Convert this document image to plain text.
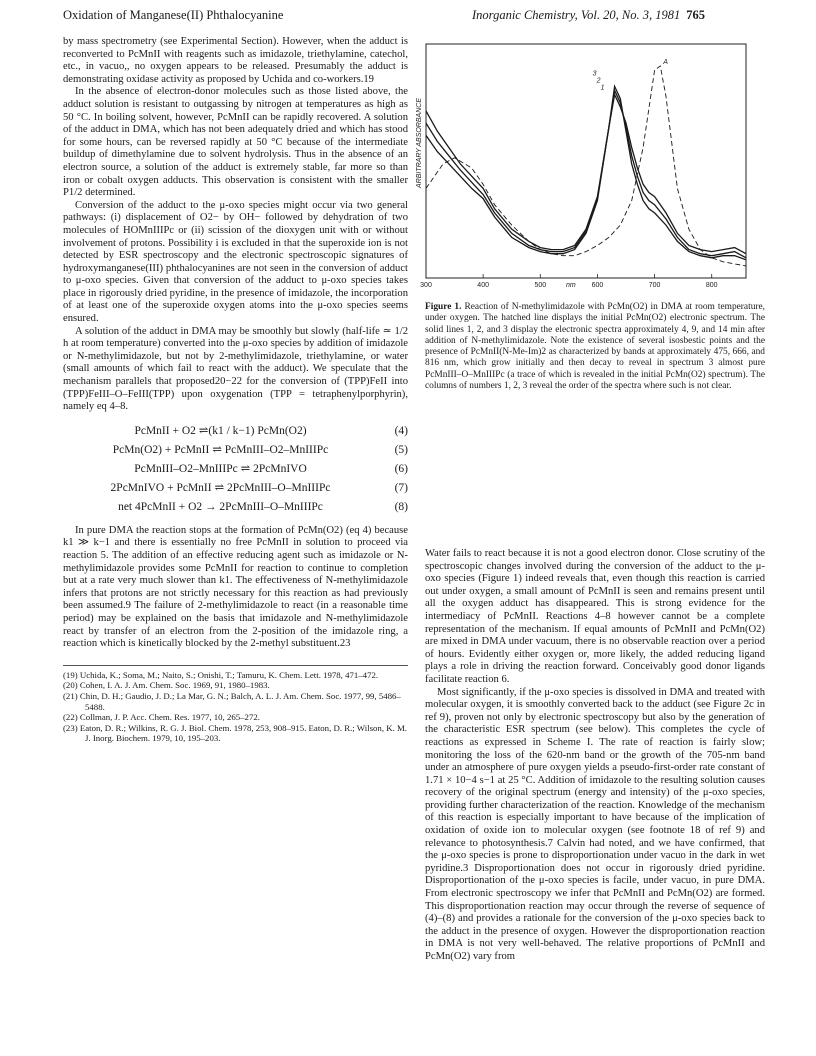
Oxidation of Manganese(II) Phthalocyanine	Inorganic Chemistry, Vol. 20, No. 3, 1981 765

by mass spectrometry (see Experimental Section). However, when the adduct is reconverted to PcMnII with reagents such as imidazole, triethylamine, catechol, etc., in vacuo,, no oxygen appears to be released. Presumably the adduct is demonstrating oxidase activity as proposed by Uchida and co-workers.19

In the absence of electron-donor molecules such as those listed above, the adduct solution is resistant to outgassing by nitrogen at temperatures as high as 50 °C. In boiling solvent, however, PcMnII can be rapidly recovered. A solution of the adduct in DMA, which has not been adequately dried and which has stood for some hours, can be reversed rapidly at 50 °C because of the intermediate buildup of dimethylamine due to solvent hydrolysis. Thus in the absence of an electron source, a solution of the adduct is extremely stable, far more so than iron or cobalt oxygen adducts. This observation is consistent with the smaller P1/2 determined.

Conversion of the adduct to the μ-oxo species might occur via two general pathways: (i) displacement of O2− by OH− followed by dehydration of two molecules of HOMnIIIPc or (ii) scission of the dioxygen unit with or without involvement of protons. Possibility i is excluded in that the superoxide ion is not detected by ESR spectroscopy and the electronic spectroscopic signatures of hydroxymanganese(III) phthalocyanines are not seen in the conversion of adduct to μ-oxo species. Given that conversion of the adduct to μ-oxo species takes place in rigorously dried pyridine, in the presence of imidazole, the incorporation of at least one of the superoxide oxygen atoms into the μ-oxo species seems ensured.

A solution of the adduct in DMA may be smoothly but slowly (half-life ≃ 1/2 h at room temperature) converted into the μ-oxo species by addition of imidazole or N-methylimidazole, but not by 2-methylimidazole, triethylamine, or water (small amounts of which fail to react with the adduct). We speculate that the mechanism parallels that proposed20−22 for the conversion of (TPP)FeII into (TPP)FeIII–O–FeIII(TPP) upon oxygenation (TPP = tetraphenylporphyrin), namely eq 4–8.

PcMnII + O2 ⇌(k1 / k−1) PcMn(O2)	(4)
PcMn(O2) + PcMnII ⇌ PcMnIII–O2–MnIIIPc	(5)
PcMnIII–O2–MnIIIPc ⇌ 2PcMnIVO	(6)
2PcMnIVO + PcMnII ⇌ 2PcMnIII–O–MnIIIPc	(7)
net 4PcMnII + O2 → 2PcMnIII–O–MnIIIPc	(8)

In pure DMA the reaction stops at the formation of PcMn(O2) (eq 4) because k1 ≫ k−1 and there is essentially no free PcMnII in solution to proceed via reaction 5. The addition of an effective reducing agent such as imidazole or N-methylimidazole provides some PcMnII for reaction to continue to completion but at a rate very much slower than k1. The effectiveness of N-methylimidazole infers that protons are not strictly necessary for this reaction as had previously been assumed.9 The failure of 2-methylimidazole to react (in a reasonable time period) may be explained on the basis that imidazole and N-methylimidazole react by transfer of an electron from the 2-position of the imidazole ring, a reaction which is kinetically blocked by the 2-methyl substituent.23

(19) Uchida, K.; Soma, M.; Naito, S.; Onishi, T.; Tamuru, K. Chem. Lett. 1978, 471–472.
(20) Cohen, I. A. J. Am. Chem. Soc. 1969, 91, 1980–1983.
(21) Chin, D. H.; Gaudio, J. D.; La Mar, G. N.; Balch, A. L. J. Am. Chem. Soc. 1977, 99, 5486–5488.
(22) Collman, J. P. Acc. Chem. Res. 1977, 10, 265–272.
(23) Eaton, D. R.; Wilkins, R. G. J. Biol. Chem. 1978, 253, 908–915. Eaton, D. R.; Wilson, K. M. J. Inorg. Biochem. 1979, 10, 195–203.
ARBITRARY ABSORBANCE
A
1
2
3
300	400	500	600	700	800
nm
Figure 1. Reaction of N-methylimidazole with PcMn(O2) in DMA at room temperature, under oxygen. The hatched line displays the initial PcMn(O2) electronic spectrum. The solid lines 1, 2, and 3 display the electronic spectra approximately 4, 9, and 14 min after addition of N-methylimidazole. Note the existence of several isosbestic points and the presence of PcMnII(N-Me-Im)2 as characterized by bands at approximately 475, 666, and 816 nm, which grow initially and then decay to reveal in spectrum 3 almost pure PcMnIII–O–MnIIIPc (a trace of which is revealed in the initial PcMn(O2) spectrum). The columns of numbers 1, 2, 3 reveal the order of the spectra where such is not clear.

Water fails to react because it is not a good electron donor. Close scrutiny of the spectroscopic changes involved during the conversion of the adduct to the μ-oxo species (Figure 1) indeed reveals that, even though this reaction is carried out under oxygen, a small amount of PcMnII is seen and remains present until all the oxygen adduct has disappeared. This is strong evidence for the intermediacy of PcMnII. Reactions 4–8 however cannot be a complete representation of the mechanism. If equal amounts of PcMnII and PcMn(O2) are mixed in DMA under vacuum, there is no observable reaction over a period of hours. Evidently either oxygen or, more likely, the added reducing ligand plays a role in driving the reaction forward. Conceivably good donor ligands facilitate reaction 6.

Most significantly, if the μ-oxo species is dissolved in DMA and treated with molecular oxygen, it is smoothly converted back to the adduct (see Figure 2c in ref 9), proven not only by electronic spectroscopy but also by the generation of the characteristic ESR spectrum (see below). This completes the cycle of reactions as expressed in Scheme I. The rate of reaction is fairly slow; monitoring the loss of the 620-nm band or the growth of the 705-nm band under an atmosphere of pure oxygen yields a pseudo-first-order rate constant of 1.71 × 10−4 s−1 at 25 °C. Addition of imidazole to the resulting solution causes recovery of the original spectrum (energy and intensity) of the μ-oxo species, providing further characterization of the reaction. Knowledge of the mechanism of this reaction is especially important to have because of the implication of oxidation of oxide ion to molecular oxygen (see footnote 18 of ref 9) and relevance to photosynthesis.7 Calvin had noted, and we have confirmed, that the μ-oxo species is prone to disproportionation under vacuo in the dark in wet pyridine.3 Disproportionation does not occur in rigorously dried pyridine. Disproportionation of the μ-oxo species is facile, under vacuo, in pure DMA. From electronic spectroscopy we infer that PcMnII and PcMn(O2) are formed. This disproportionation reaction may occur through the reverse of sequence of (4)–(8) and provides a rationale for the conversion of the μ-oxo species back to the adduct in the presence of oxygen. However the disproportionation reaction in DMA is not very well-behaved. The relative proportions of PcMnII and PcMn(O2) vary from
